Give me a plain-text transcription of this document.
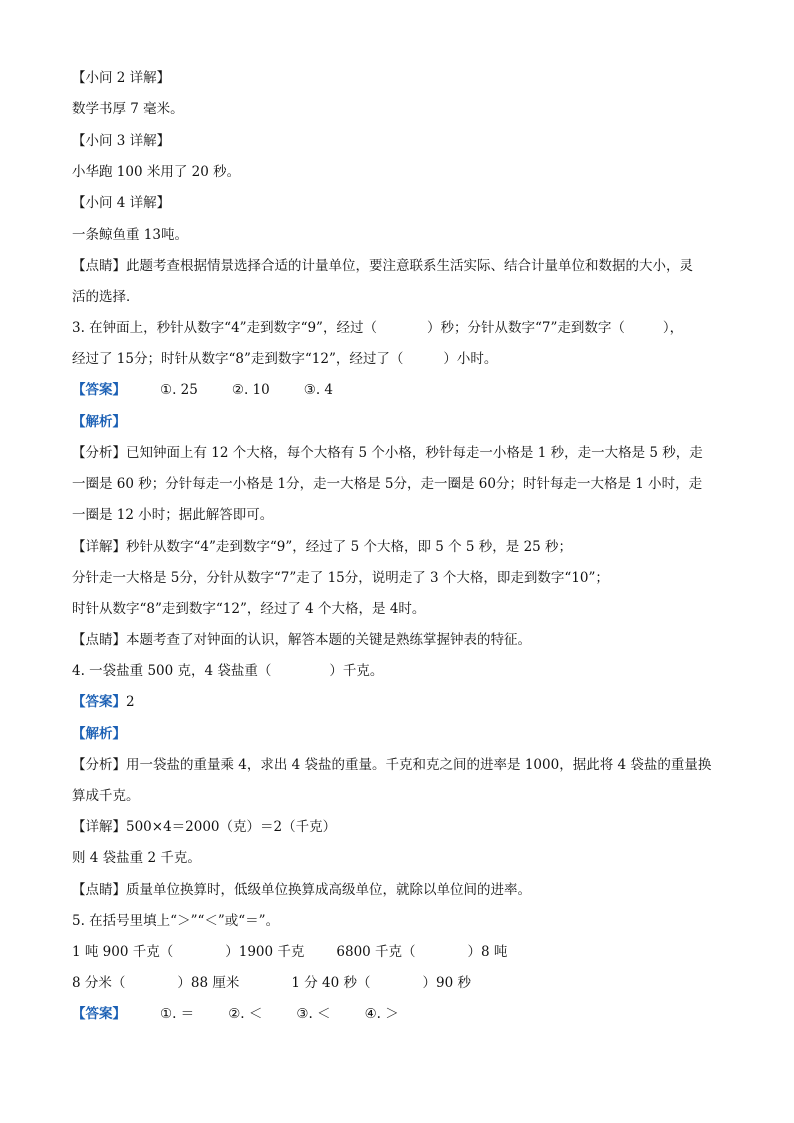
【小问 2 详解】
数学书厚 7 毫米。
【小问 3 详解】
小华跑 100 米用了 20 秒。
【小问 4 详解】
一条鲸鱼重 13吨。
【点睛】此题考查根据情景选择合适的计量单位，要注意联系生活实际、结合计量单位和数据的大小，灵
活的选择．
3. 在钟面上，秒针从数字“4”走到数字“9”，经过（	）秒；分针从数字“7”走到数字（	），
经过了 15分；时针从数字“8”走到数字“12”，经过了（	）小时。
【答案】	①. 25	②. 10	③. 4
【解析】
【分析】已知钟面上有 12 个大格，每个大格有 5 个小格，秒针每走一小格是 1 秒，走一大格是 5 秒，走
一圈是 60 秒；分针每走一小格是 1分，走一大格是 5分，走一圈是 60分；时针每走一大格是 1 小时，走
一圈是 12 小时；据此解答即可。
【详解】秒针从数字“4”走到数字“9”，经过了 5 个大格，即 5 个 5 秒，是 25 秒；
分针走一大格是 5分，分针从数字“7”走了 15分，说明走了 3 个大格，即走到数字“10”；
时针从数字“8”走到数字“12”，经过了 4 个大格，是 4时。
【点睛】本题考查了对钟面的认识，解答本题的关键是熟练掌握钟表的特征。
4. 一袋盐重 500 克，4 袋盐重（	）千克。
【答案】2
【解析】
【分析】用一袋盐的重量乘 4，求出 4 袋盐的重量。千克和克之间的进率是 1000，据此将 4 袋盐的重量换
算成千克。
【详解】500×4＝2000（克）＝2（千克）
则 4 袋盐重 2 千克。
【点睛】质量单位换算时，低级单位换算成高级单位，就除以单位间的进率。
5. 在括号里填上“＞”“＜”或“＝”。
1 吨 900 千克（	）1900 千克 6800 千克（	）8 吨
8 分米（	）88 厘米	1 分 40 秒（	）90 秒
【答案】	①. ＝	②. ＜	③. ＜	④. ＞
